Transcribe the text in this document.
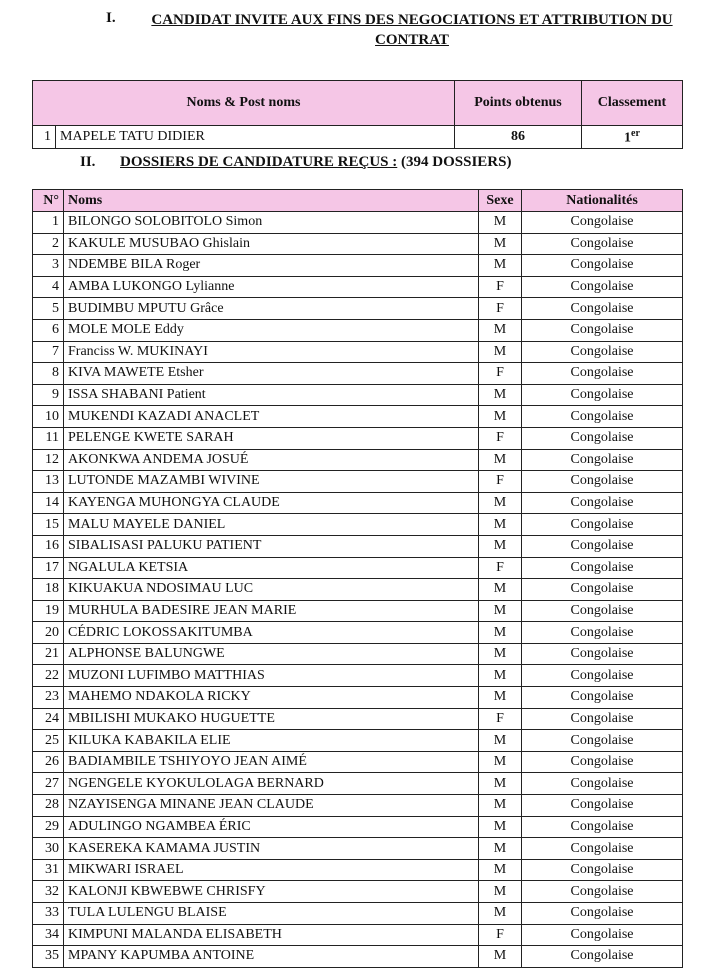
I.	CANDIDAT INVITE AUX FINS DES NEGOCIATIONS ET ATTRIBUTION DU
CONTRAT
Noms & Post noms		Points obtenus	Classement
1	MAPELE TATU DIDIER	86	1er
II. DOSSIERS DE CANDIDATURE REÇUS : (394 DOSSIERS)
N°	Noms	Sexe	Nationalités
1	BILONGO SOLOBITOLO Simon	M	Congolaise
2	KAKULE MUSUBAO Ghislain	M	Congolaise
3	NDEMBE BILA Roger	M	Congolaise
4	AMBA LUKONGO Lylianne	F	Congolaise
5	BUDIMBU MPUTU Grâce	F	Congolaise
6	MOLE MOLE Eddy	M	Congolaise
7	Franciss W. MUKINAYI	M	Congolaise
8	KIVA MAWETE Etsher	F	Congolaise
9	ISSA SHABANI Patient	M	Congolaise
10	MUKENDI KAZADI ANACLET	M	Congolaise
11	PELENGE KWETE SARAH	F	Congolaise
12	AKONKWA ANDEMA JOSUÉ	M	Congolaise
13	LUTONDE MAZAMBI WIVINE	F	Congolaise
14	KAYENGA MUHONGYA CLAUDE	M	Congolaise
15	MALU MAYELE DANIEL	M	Congolaise
16	SIBALISASI PALUKU PATIENT	M	Congolaise
17	NGALULA KETSIA	F	Congolaise
18	KIKUAKUA NDOSIMAU LUC	M	Congolaise
19	MURHULA BADESIRE JEAN MARIE	M	Congolaise
20	CÉDRIC LOKOSSAKITUMBA	M	Congolaise
21	ALPHONSE BALUNGWE	M	Congolaise
22	MUZONI LUFIMBO MATTHIAS	M	Congolaise
23	MAHEMO NDAKOLA RICKY	M	Congolaise
24	MBILISHI MUKAKO HUGUETTE	F	Congolaise
25	KILUKA KABAKILA ELIE	M	Congolaise
26	BADIAMBILE TSHIYOYO JEAN AIMÉ	M	Congolaise
27	NGENGELE KYOKULOLAGA BERNARD	M	Congolaise
28	NZAYISENGA MINANE JEAN CLAUDE	M	Congolaise
29	ADULINGO NGAMBEA ÉRIC	M	Congolaise
30	KASEREKA KAMAMA JUSTIN	M	Congolaise
31	MIKWARI ISRAEL	M	Congolaise
32	KALONJI KBWEBWE CHRISFY	M	Congolaise
33	TULA LULENGU BLAISE	M	Congolaise
34	KIMPUNI MALANDA ELISABETH	F	Congolaise
35	MPANY KAPUMBA ANTOINE	M	Congolaise
